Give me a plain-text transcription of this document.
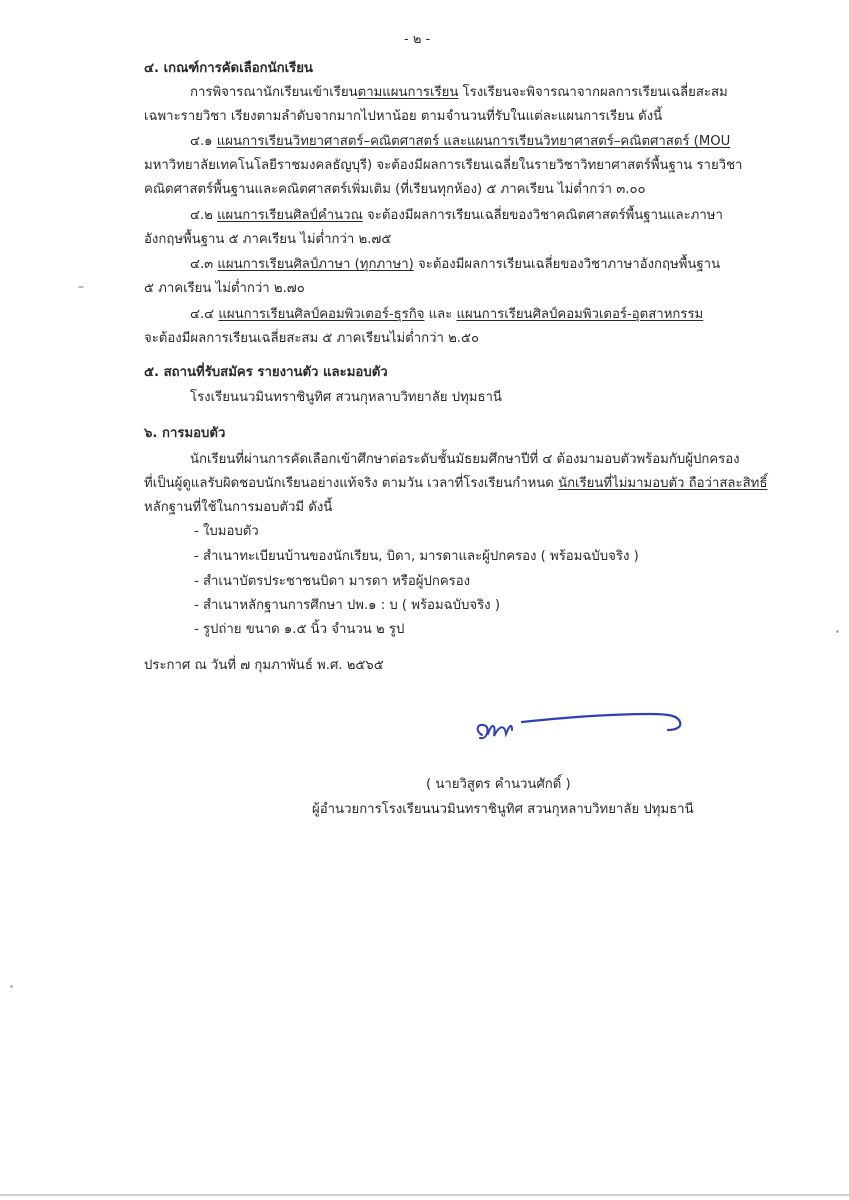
- ๒ -
๔. เกณฑ์การคัดเลือกนักเรียน
การพิจารณานักเรียนเข้าเรียนตามแผนการเรียน โรงเรียนจะพิจารณาจากผลการเรียนเฉลี่ยสะสม
เฉพาะรายวิชา เรียงตามลำดับจากมากไปหาน้อย ตามจำนวนที่รับในแต่ละแผนการเรียน ดังนี้
๔.๑ แผนการเรียนวิทยาศาสตร์–คณิตศาสตร์ และแผนการเรียนวิทยาศาสตร์–คณิตศาสตร์ (MOU
มหาวิทยาลัยเทคโนโลยีราชมงคลธัญบุรี) จะต้องมีผลการเรียนเฉลี่ยในรายวิชาวิทยาศาสตร์พื้นฐาน รายวิชา
คณิตศาสตร์พื้นฐานและคณิตศาสตร์เพิ่มเติม (ที่เรียนทุกห้อง) ๕ ภาคเรียน ไม่ต่ำกว่า ๓.๐๐
๔.๒ แผนการเรียนศิลป์คำนวณ จะต้องมีผลการเรียนเฉลี่ยของวิชาคณิตศาสตร์พื้นฐานและภาษา
อังกฤษพื้นฐาน ๕ ภาคเรียน ไม่ต่ำกว่า ๒.๗๕
๔.๓ แผนการเรียนศิลป์ภาษา (ทุกภาษา) จะต้องมีผลการเรียนเฉลี่ยของวิชาภาษาอังกฤษพื้นฐาน
๕ ภาคเรียน ไม่ต่ำกว่า ๒.๗๐
๔.๔ แผนการเรียนศิลป์คอมพิวเตอร์-ธุรกิจ และ แผนการเรียนศิลป์คอมพิวเตอร์-อุตสาหกรรม
จะต้องมีผลการเรียนเฉลี่ยสะสม ๕ ภาคเรียนไม่ต่ำกว่า ๒.๕๐
๕. สถานที่รับสมัคร รายงานตัว และมอบตัว
โรงเรียนนวมินทราชินูทิศ สวนกุหลาบวิทยาลัย ปทุมธานี
๖. การมอบตัว
นักเรียนที่ผ่านการคัดเลือกเข้าศึกษาต่อระดับชั้นมัธยมศึกษาปีที่ ๔ ต้องมามอบตัวพร้อมกับผู้ปกครอง
ที่เป็นผู้ดูแลรับผิดชอบนักเรียนอย่างแท้จริง ตามวัน เวลาที่โรงเรียนกำหนด นักเรียนที่ไม่มามอบตัว ถือว่าสละสิทธิ์
หลักฐานที่ใช้ในการมอบตัวมี ดังนี้
- ใบมอบตัว
- สำเนาทะเบียนบ้านของนักเรียน, บิดา, มารดาและผู้ปกครอง ( พร้อมฉบับจริง )
- สำเนาบัตรประชาชนบิดา มารดา หรือผู้ปกครอง
- สำเนาหลักฐานการศึกษา ปพ.๑ : บ ( พร้อมฉบับจริง )
- รูปถ่าย ขนาด ๑.๕ นิ้ว จำนวน ๒ รูป
ประกาศ ณ วันที่ ๗ กุมภาพันธ์ พ.ศ. ๒๕๖๕
( นายวิสูตร คำนวนศักดิ์ )
ผู้อำนวยการโรงเรียนนวมินทราชินูทิศ สวนกุหลาบวิทยาลัย ปทุมธานี
